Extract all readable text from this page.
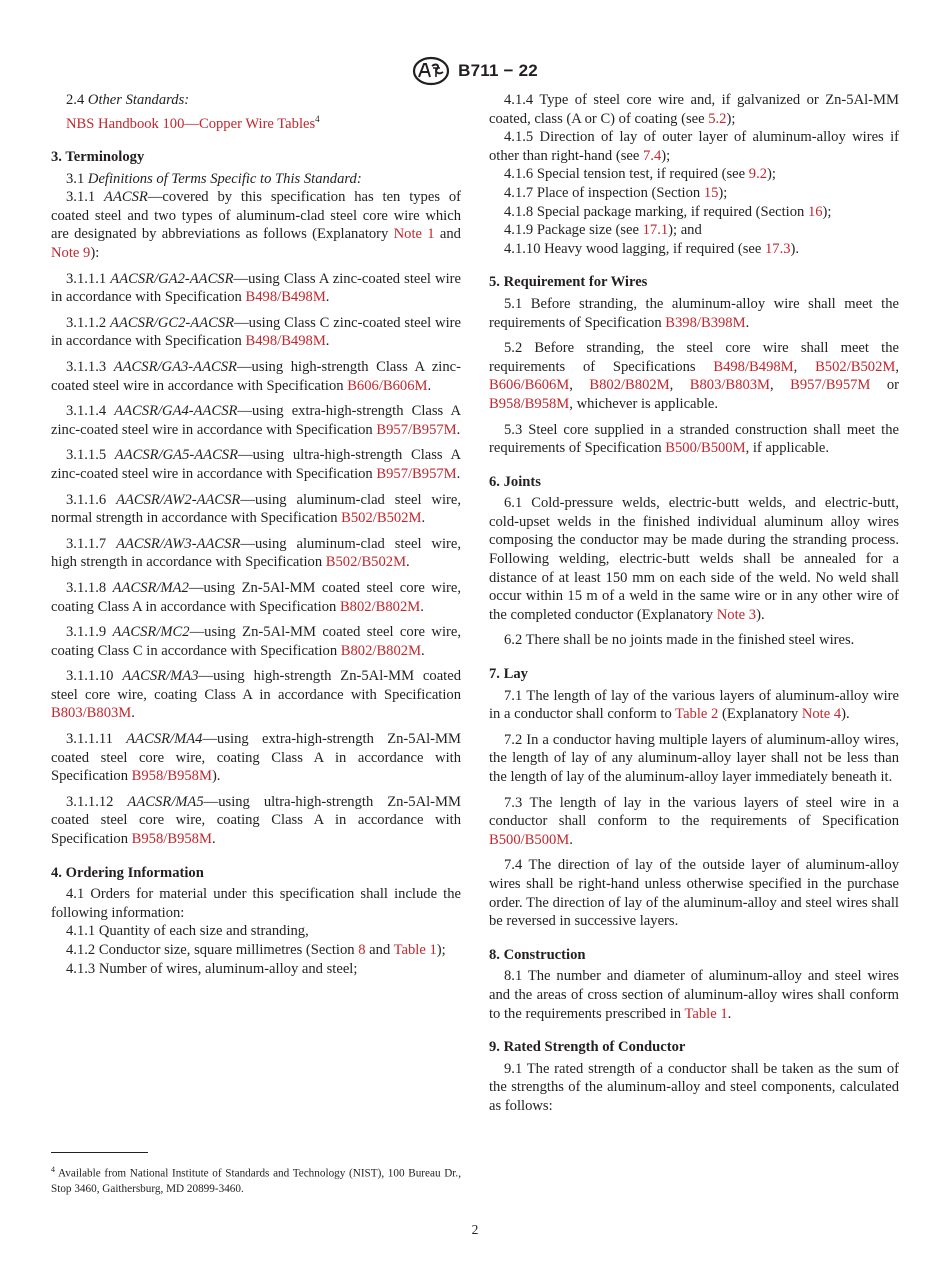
B711 − 22

2.4 Other Standards:

NBS Handbook 100—Copper Wire Tables$^4$

3. Terminology

3.1 Definitions of Terms Specific to This Standard:

3.1.1 AACSR—covered by this specification has ten types of coated steel and two types of aluminum-clad steel core wire which are designated by abbreviations as follows (Explanatory Note 1 and Note 9):

3.1.1.1 AACSR/GA2-AACSR—using Class A zinc-coated steel wire in accordance with Specification B498/B498M.

3.1.1.2 AACSR/GC2-AACSR—using Class C zinc-coated steel wire in accordance with Specification B498/B498M.

3.1.1.3 AACSR/GA3-AACSR—using high-strength Class A zinc-coated steel wire in accordance with Specification B606/B606M.

3.1.1.4 AACSR/GA4-AACSR—using extra-high-strength Class A zinc-coated steel wire in accordance with Specification B957/B957M.

3.1.1.5 AACSR/GA5-AACSR—using ultra-high-strength Class A zinc-coated steel wire in accordance with Specification B957/B957M.

3.1.1.6 AACSR/AW2-AACSR—using aluminum-clad steel wire, normal strength in accordance with Specification B502/B502M.

3.1.1.7 AACSR/AW3-AACSR—using aluminum-clad steel wire, high strength in accordance with Specification B502/B502M.

3.1.1.8 AACSR/MA2—using Zn-5Al-MM coated steel core wire, coating Class A in accordance with Specification B802/B802M.

3.1.1.9 AACSR/MC2—using Zn-5Al-MM coated steel core wire, coating Class C in accordance with Specification B802/B802M.

3.1.1.10 AACSR/MA3—using high-strength Zn-5Al-MM coated steel core wire, coating Class A in accordance with Specification B803/B803M.

3.1.1.11 AACSR/MA4—using extra-high-strength Zn-5Al-MM coated steel core wire, coating Class A in accordance with Specification B958/B958M).

3.1.1.12 AACSR/MA5—using ultra-high-strength Zn-5Al-MM coated steel core wire, coating Class A in accordance with Specification B958/B958M.

4. Ordering Information

4.1 Orders for material under this specification shall include the following information:

4.1.1 Quantity of each size and stranding,

4.1.2 Conductor size, square millimetres (Section 8 and Table 1);

4.1.3 Number of wires, aluminum-alloy and steel;

4.1.4 Type of steel core wire and, if galvanized or Zn-5Al-MM coated, class (A or C) of coating (see 5.2);

4.1.5 Direction of lay of outer layer of aluminum-alloy wires if other than right-hand (see 7.4);

4.1.6 Special tension test, if required (see 9.2);

4.1.7 Place of inspection (Section 15);

4.1.8 Special package marking, if required (Section 16);

4.1.9 Package size (see 17.1); and

4.1.10 Heavy wood lagging, if required (see 17.3).

5. Requirement for Wires

5.1 Before stranding, the aluminum-alloy wire shall meet the requirements of Specification B398/B398M.

5.2 Before stranding, the steel core wire shall meet the requirements of Specifications B498/B498M, B502/B502M, B606/B606M, B802/B802M, B803/B803M, B957/B957M or B958/B958M, whichever is applicable.

5.3 Steel core supplied in a stranded construction shall meet the requirements of Specification B500/B500M, if applicable.

6. Joints

6.1 Cold-pressure welds, electric-butt welds, and electric-butt, cold-upset welds in the finished individual aluminum alloy wires composing the conductor may be made during the stranding process. Following welding, electric-butt welds shall be annealed for a distance of at least 150 mm on each side of the weld. No weld shall occur within 15 m of a weld in the same wire or in any other wire of the completed conductor (Explanatory Note 3).

6.2 There shall be no joints made in the finished steel wires.

7. Lay

7.1 The length of lay of the various layers of aluminum-alloy wire in a conductor shall conform to Table 2 (Explanatory Note 4).

7.2 In a conductor having multiple layers of aluminum-alloy wires, the length of lay of any aluminum-alloy layer shall not be less than the length of lay of the aluminum-alloy layer immediately beneath it.

7.3 The length of lay in the various layers of steel wire in a conductor shall conform to the requirements of Specification B500/B500M.

7.4 The direction of lay of the outside layer of aluminum-alloy wires shall be right-hand unless otherwise specified in the purchase order. The direction of lay of the aluminum-alloy and steel wires shall be reversed in successive layers.

8. Construction

8.1 The number and diameter of aluminum-alloy and steel wires and the areas of cross section of aluminum-alloy wires shall conform to the requirements prescribed in Table 1.

9. Rated Strength of Conductor

9.1 The rated strength of a conductor shall be taken as the sum of the strengths of the aluminum-alloy and steel components, calculated as follows:

$^4$ Available from National Institute of Standards and Technology (NIST), 100 Bureau Dr., Stop 3460, Gaithersburg, MD 20899-3460.

2
